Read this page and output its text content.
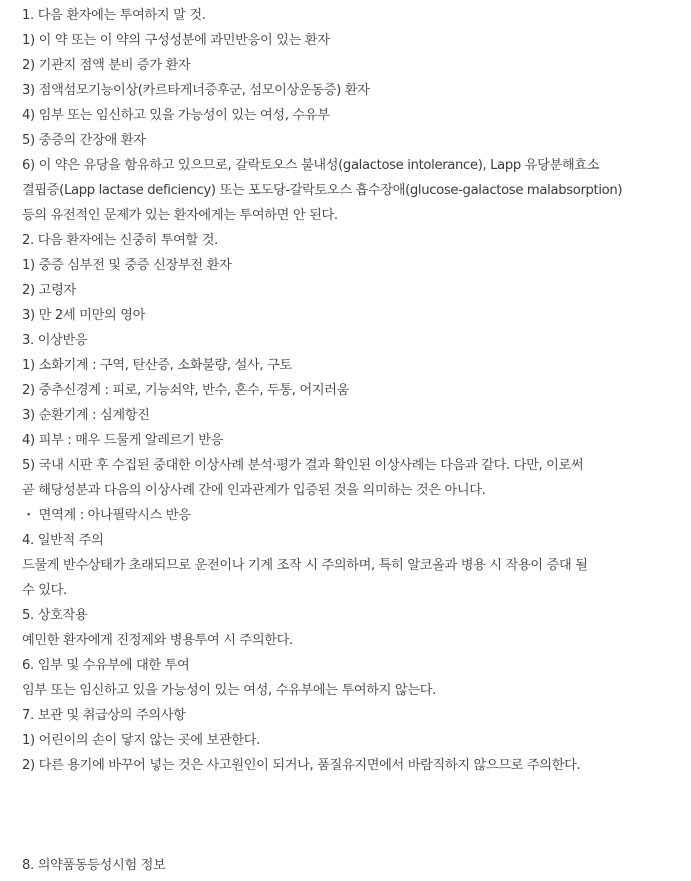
1. 다음 환자에는 투여하지 말 것.
1) 이 약 또는 이 약의 구성성분에 과민반응이 있는 환자
2) 기관지 점액 분비 증가 환자
3) 점액섬모기능이상(카르타게너증후군, 섬모이상운동증) 환자
4) 임부 또는 임신하고 있을 가능성이 있는 여성, 수유부
5) 중증의 간장애 환자
6) 이 약은 유당을 함유하고 있으므로, 갈락토오스 불내성(galactose intolerance), Lapp 유당분해효소
결핍증(Lapp lactase deficiency) 또는 포도당-갈락토오스 흡수장애(glucose-galactose malabsorption)
등의 유전적인 문제가 있는 환자에게는 투여하면 안 된다.
2. 다음 환자에는 신중히 투여할 것.
1) 중증 심부전 및 중증 신장부전 환자
2) 고령자
3) 만 2세 미만의 영아
3. 이상반응
1) 소화기계 : 구역, 탄산증, 소화불량, 설사, 구토
2) 중추신경계 : 피로, 기능쇠약, 반수, 혼수, 두통, 어지러움
3) 순환기계 : 심계항진
4) 피부 : 매우 드물게 알레르기 반응
5) 국내 시판 후 수집된 중대한 이상사례 분석·평가 결과 확인된 이상사례는 다음과 같다. 다만, 이로써
곧 해당성분과 다음의 이상사례 간에 인과관계가 입증된 것을 의미하는 것은 아니다.
・ 면역계 : 아나필락시스 반응
4. 일반적 주의
드물게 반수상태가 초래되므로 운전이나 기계 조작 시 주의하며, 특히 알코올과 병용 시 작용이 증대 될
수 있다.
5. 상호작용
예민한 환자에게 진정제와 병용투여 시 주의한다.
6. 임부 및 수유부에 대한 투여
임부 또는 임신하고 있을 가능성이 있는 여성, 수유부에는 투여하지 않는다.
7. 보관 및 취급상의 주의사항
1) 어린이의 손이 닿지 않는 곳에 보관한다.
2) 다른 용기에 바꾸어 넣는 것은 사고원인이 되거나, 품질유지면에서 바람직하지 않으므로 주의한다.
8. 의약품동등성시험 정보
